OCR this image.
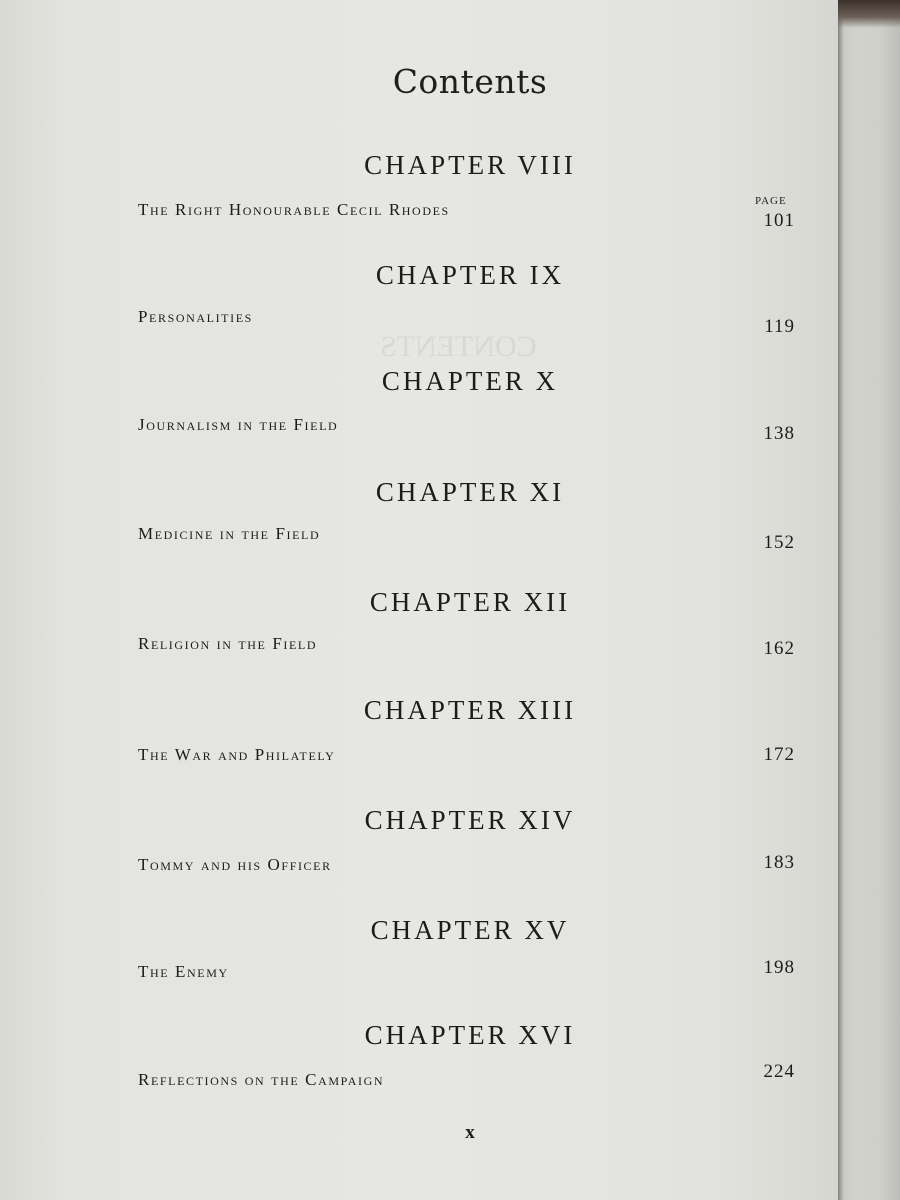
CONTENTS
Contents
PAGE
CHAPTER VIII
The Right Honourable Cecil Rhodes
101
CHAPTER IX
Personalities	119
CHAPTER X
Journalism in the Field	138
CHAPTER XI
Medicine in the Field	152
CHAPTER XII
Religion in the Field	162
CHAPTER XIII
The War and Philately	172
CHAPTER XIV
Tommy and his Officer	183
CHAPTER XV
The Enemy	198
CHAPTER XVI
Reflections on the Campaign	224
x
